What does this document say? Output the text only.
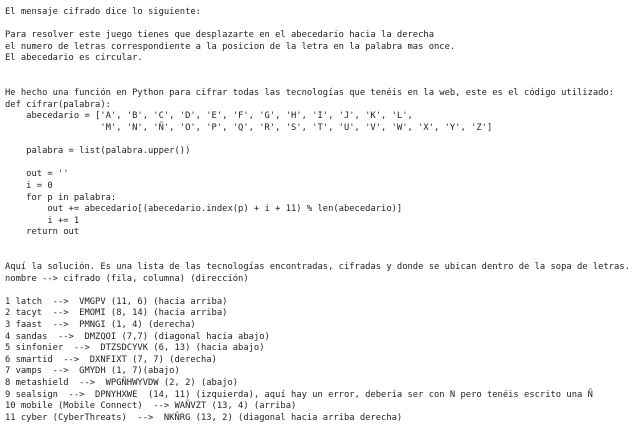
El mensaje cifrado dice lo siguiente:
Para resolver este juego tienes que desplazarte en el abecedario hacia la derecha
el numero de letras correspondiente a la posicion de la letra en la palabra mas once.
El abecedario es circular.
He hecho una función en Python para cifrar todas las tecnologías que tenéis en la web, este es el código utilizado:
def cifrar(palabra):
abecedario = ['A', 'B', 'C', 'D', 'E', 'F', 'G', 'H', 'I', 'J', 'K', 'L',
'M', 'N', 'Ñ', 'O', 'P', 'Q', 'R', 'S', 'T', 'U', 'V', 'W', 'X', 'Y', 'Z']
palabra = list(palabra.upper())
out = ''
i = 0
for p in palabra:
out += abecedario[(abecedario.index(p) + i + 11) % len(abecedario)]
i += 1
return out
Aquí la solución. Es una lista de las tecnologías encontradas, cifradas y donde se ubican dentro de la sopa de letras.
nombre --> cifrado (fila, columna) (dirección)
1 latch  -->  VMGPV (11, 6) (hacia arriba)
2 tacyt  -->  EMOMI (8, 14) (hacia arriba)
3 faast  -->  PMNGI (1, 4) (derecha)
4 sandas  -->  DMZQOI (7,7) (diagonal hacia abajo)
5 sinfonier  -->  DTZSDCYVK (6, 13) (hacia abajo)
6 smartid  -->  DXNFIXT (7, 7) (derecha)
7 vamps  -->  GMYDH (1, 7)(abajo)
8 metashield  -->  WPGÑHWYVDW (2, 2) (abajo)
9 sealsign  -->  DPNYHXWE  (14, 11) (izquierda), aquí hay un error, debería ser con N pero tenéis escrito una Ñ
10 mobile (Mobile Connect)  --> WAÑVZT (13, 4) (arriba)
11 cyber (CyberThreats)  -->  NKÑRG (13, 2) (diagonal hacia arriba derecha)
